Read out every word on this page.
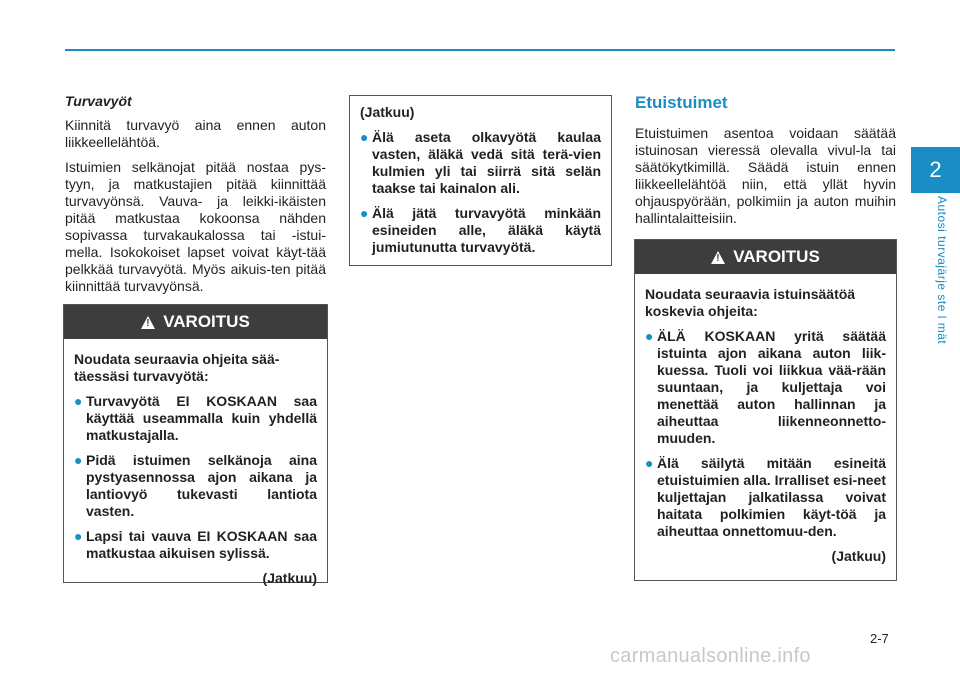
2
Autosi turvajärje ste l mät

Turvavyöt

Kiinnitä turvavyö aina ennen auton liikkeellelähtöä.

Istuimien selkänojat pitää nostaa pys-tyyn, ja matkustajien pitää kiinnittää turvavyönsä. Vauva- ja leikki-ikäisten pitää matkustaa kokoonsa nähden sopivassa turvakaukalossa tai -istui-mella. Isokokoiset lapset voivat käyt-tää pelkkää turvavyötä. Myös aikuis-ten pitää kiinnittää turvavyönsä.

!
VAROITUS

Noudata seuraavia ohjeita sää-täessäsi turvavyötä:

● Turvavyötä EI KOSKAAN saa käyttää useammalla kuin yhdellä matkustajalla.
● Pidä istuimen selkänoja aina pystyasennossa ajon aikana ja lantiovyö tukevasti lantiota vasten.
● Lapsi tai vauva EI KOSKAAN saa matkustaa aikuisen sylissä.

(Jatkuu)

(Jatkuu)

● Älä aseta olkavyötä kaulaa vasten, äläkä vedä sitä terä-vien kulmien yli tai siirrä sitä selän taakse tai kainalon ali.
● Älä jätä turvavyötä minkään esineiden alle, äläkä käytä jumiutunutta turvavyötä.

Etuistuimet

Etuistuimen asentoa voidaan säätää istuinosan vieressä olevalla vivul-la tai säätökytkimillä. Säädä istuin ennen liikkeellelähtöä niin, että yllät hyvin ohjauspyörään, polkimiin ja auton muihin hallintalaitteisiin.

!
VAROITUS

Noudata seuraavia istuinsäätöä koskevia ohjeita:

● ÄLÄ KOSKAAN yritä säätää istuinta ajon aikana auton liik-kuessa. Tuoli voi liikkua vää-rään suuntaan, ja kuljettaja voi menettää auton hallinnan ja aiheuttaa liikenneonnetto-muuden.
● Älä säilytä mitään esineitä etuistuimien alla. Irralliset esi-neet kuljettajan jalkatilassa voivat haitata polkimien käyt-töä ja aiheuttaa onnettomuu-den.

(Jatkuu)

2-7
carmanualsonline.info
